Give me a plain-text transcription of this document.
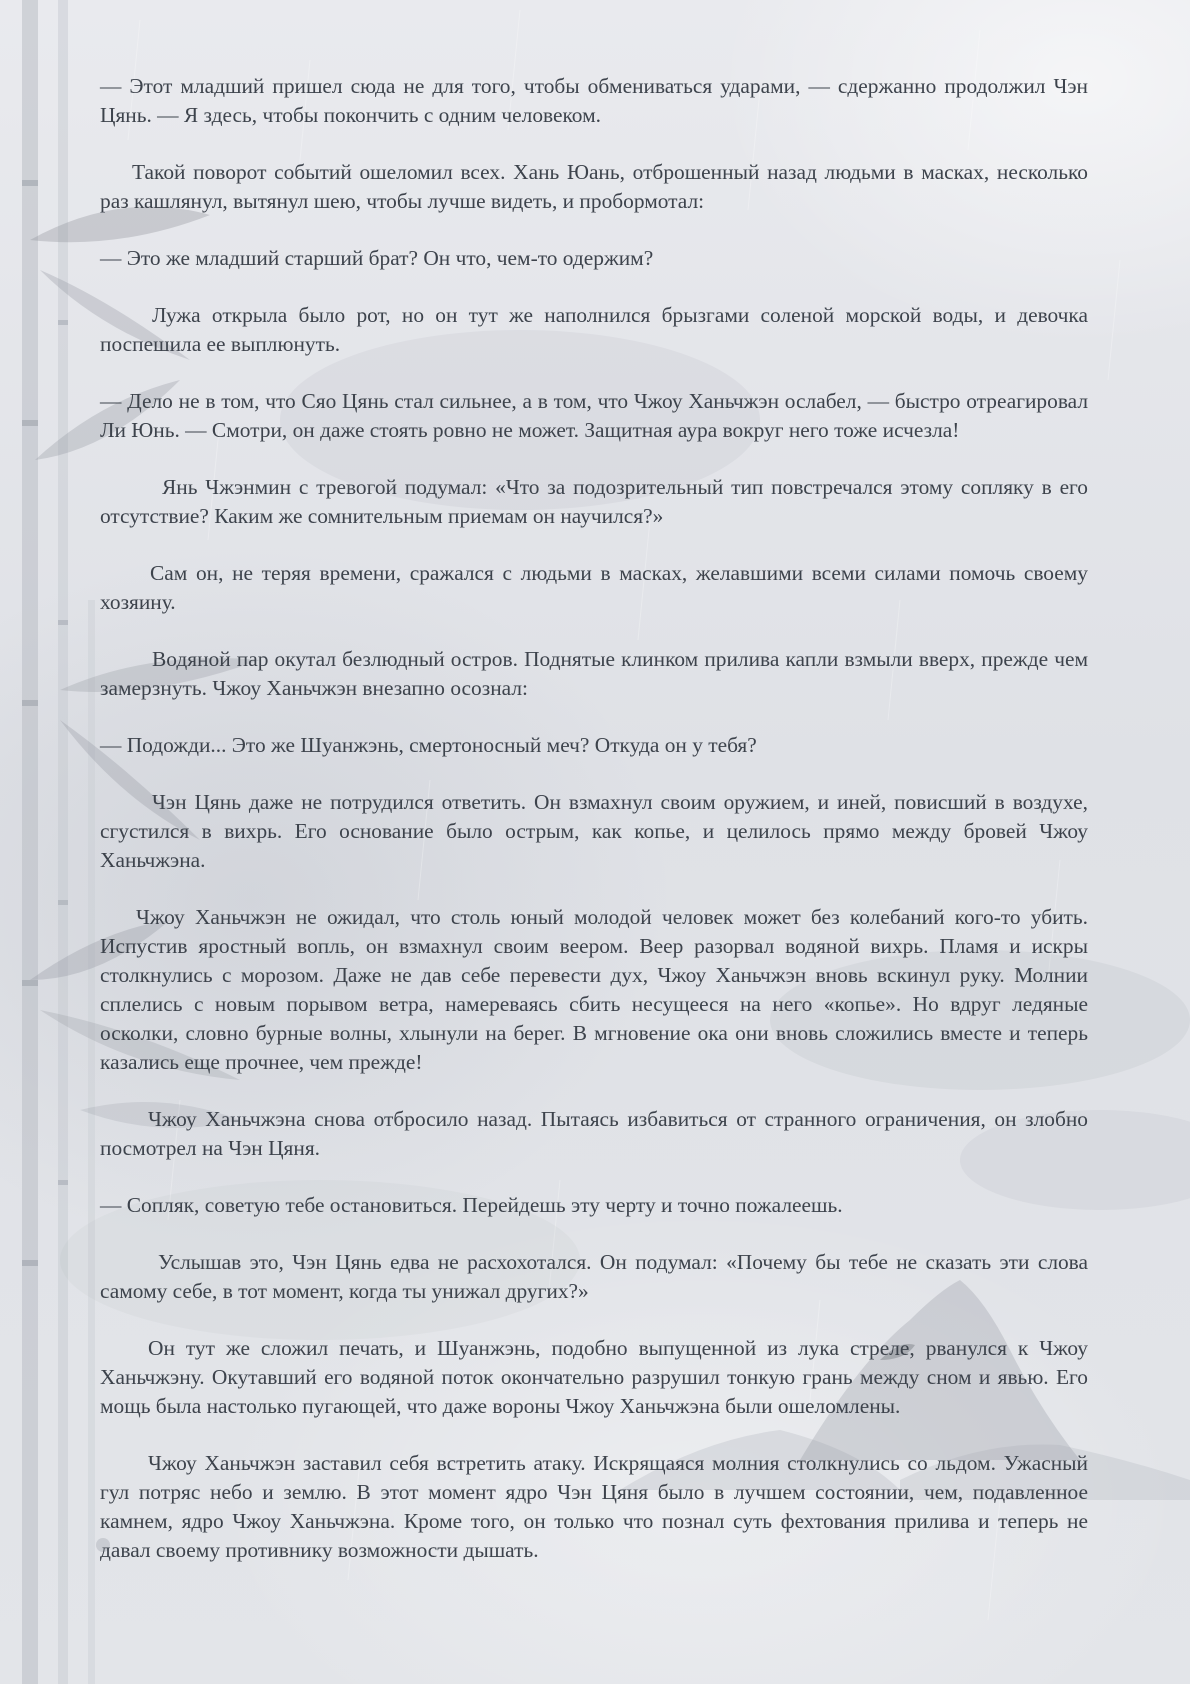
— Этот младший пришел сюда не для того, чтобы обмениваться ударами, — сдержанно продолжил Чэн Цянь. — Я здесь, чтобы покончить с одним человеком.

Такой поворот событий ошеломил всех. Хань Юань, отброшенный назад людьми в масках, несколько раз кашлянул, вытянул шею, чтобы лучше видеть, и пробормотал:

— Это же младший старший брат? Он что, чем-то одержим?

Лужа открыла было рот, но он тут же наполнился брызгами соленой морской воды, и девочка поспешила ее выплюнуть.

— Дело не в том, что Сяо Цянь стал сильнее, а в том, что Чжоу Ханьчжэн ослабел, — быстро отреагировал Ли Юнь. — Смотри, он даже стоять ровно не может. Защитная аура вокруг него тоже исчезла!

Янь Чжэнмин с тревогой подумал: «Что за подозрительный тип повстречался этому сопляку в его отсутствие? Каким же сомнительным приемам он научился?»

Сам он, не теряя времени, сражался с людьми в масках, желавшими всеми силами помочь своему хозяину.

Водяной пар окутал безлюдный остров. Поднятые клинком прилива капли взмыли вверх, прежде чем замерзнуть. Чжоу Ханьчжэн внезапно осознал:

— Подожди... Это же Шуанжэнь, смертоносный меч? Откуда он у тебя?

Чэн Цянь даже не потрудился ответить. Он взмахнул своим оружием, и иней, повисший в воздухе, сгустился в вихрь. Его основание было острым, как копье, и целилось прямо между бровей Чжоу Ханьчжэна.

Чжоу Ханьчжэн не ожидал, что столь юный молодой человек может без колебаний кого-то убить. Испустив яростный вопль, он взмахнул своим веером. Веер разорвал водяной вихрь. Пламя и искры столкнулись с морозом. Даже не дав себе перевести дух, Чжоу Ханьчжэн вновь вскинул руку. Молнии сплелись с новым порывом ветра, намереваясь сбить несущееся на него «копье». Но вдруг ледяные осколки, словно бурные волны, хлынули на берег. В мгновение ока они вновь сложились вместе и теперь казались еще прочнее, чем прежде!

Чжоу Ханьчжэна снова отбросило назад. Пытаясь избавиться от странного ограничения, он злобно посмотрел на Чэн Цяня.

— Сопляк, советую тебе остановиться. Перейдешь эту черту и точно пожалеешь.

Услышав это, Чэн Цянь едва не расхохотался. Он подумал: «Почему бы тебе не сказать эти слова самому себе, в тот момент, когда ты унижал других?»

Он тут же сложил печать, и Шуанжэнь, подобно выпущенной из лука стреле, рванулся к Чжоу Ханьчжэну. Окутавший его водяной поток окончательно разрушил тонкую грань между сном и явью. Его мощь была настолько пугающей, что даже вороны Чжоу Ханьчжэна были ошеломлены.

Чжоу Ханьчжэн заставил себя встретить атаку. Искрящаяся молния столкнулись со льдом. Ужасный гул потряс небо и землю. В этот момент ядро Чэн Цяня было в лучшем состоянии, чем, подавленное камнем, ядро Чжоу Ханьчжэна. Кроме того, он только что познал суть фехтования прилива и теперь не давал своему противнику возможности дышать.
